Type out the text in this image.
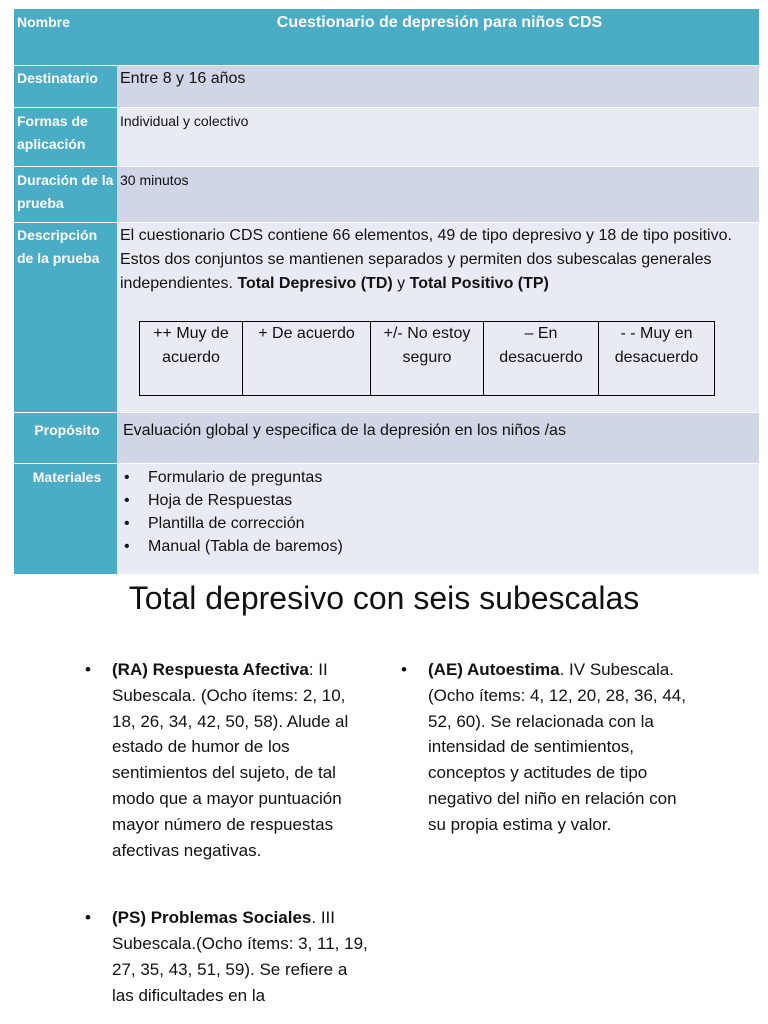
Nombre	Cuestionario de depresión para niños CDS
Destinatario	Entre 8 y 16 años
Formas de aplicación
Individual y colectivo
Duración de la prueba
30 minutos
Descripción de la prueba
El cuestionario CDS contiene 66 elementos, 49 de tipo depresivo y 18 de tipo positivo. Estos dos conjuntos se mantienen separados y permiten dos subescalas generales independientes. Total Depresivo (TD) y Total Positivo (TP)
++ Muy de acuerdo	+ De acuerdo	+/- No estoy seguro	– En desacuerdo	- - Muy en desacuerdo
Propósito	Evaluación global y especifica de la depresión en los niños /as
Materiales
•	Formulario de preguntas
• Hoja de Respuestas
• Plantilla de corrección
• Manual (Tabla de baremos)
Total depresivo con seis subescalas
• (RA) Respuesta Afectiva: II Subescala. (Ocho ítems: 2, 10, 18, 26, 34, 42, 50, 58). Alude al estado de humor de los sentimientos del sujeto, de tal modo que a mayor puntuación mayor número de respuestas afectivas negativas.
• (PS) Problemas Sociales. III Subescala.(Ocho ítems: 3, 11, 19, 27, 35, 43, 51, 59). Se refiere a las dificultades en la
• (AE) Autoestima. IV Subescala. (Ocho ítems: 4, 12, 20, 28, 36, 44, 52, 60). Se relacionada con la intensidad de sentimientos, conceptos y actitudes de tipo negativo del niño en relación con su propia estima y valor.
